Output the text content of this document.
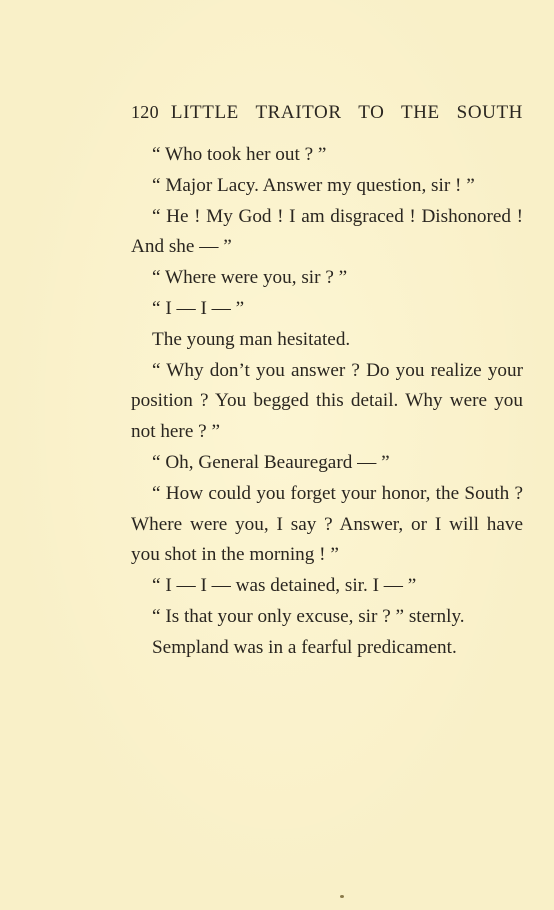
120 LITTLE TRAITOR TO THE SOUTH

“ Who took her out ? ”

“ Major Lacy. Answer my question, sir ! ”

“ He ! My God ! I am disgraced ! Dishonored ! And she — ”

“ Where were you, sir ? ”

“ I — I — ”

The young man hesitated.

“ Why don’t you answer ? Do you realize your position ? You begged this detail. Why were you not here ? ”

“ Oh, General Beauregard — ”

“ How could you forget your honor, the South ? Where were you, I say ? Answer, or I will have you shot in the morning ! ”

“ I — I — was detained, sir. I — ”

“ Is that your only excuse, sir ? ” sternly.

Sempland was in a fearful predicament.
